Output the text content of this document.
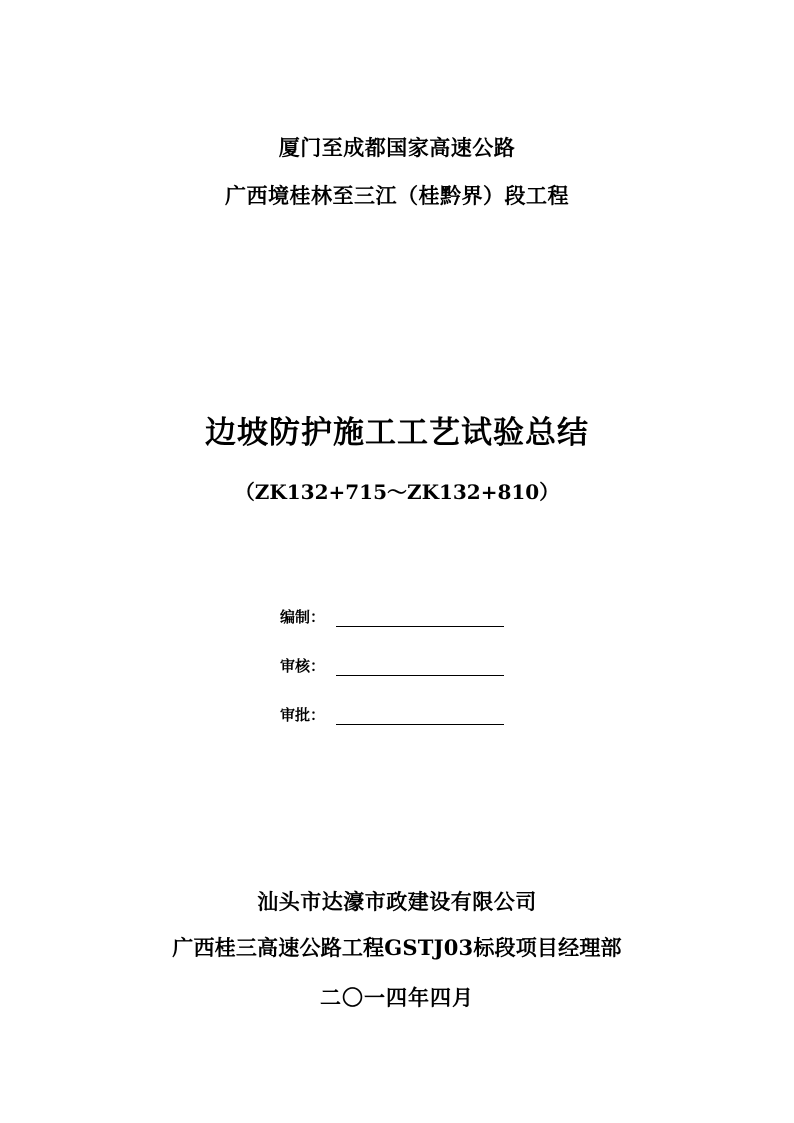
厦门至成都国家高速公路
广西境桂林至三江（桂黔界）段工程
边坡防护施工工艺试验总结
（ZK132+715～ZK132+810）
编制：
审核：
审批：
汕头市达濠市政建设有限公司
广西桂三高速公路工程GSTJ03标段项目经理部
二〇一四年四月
